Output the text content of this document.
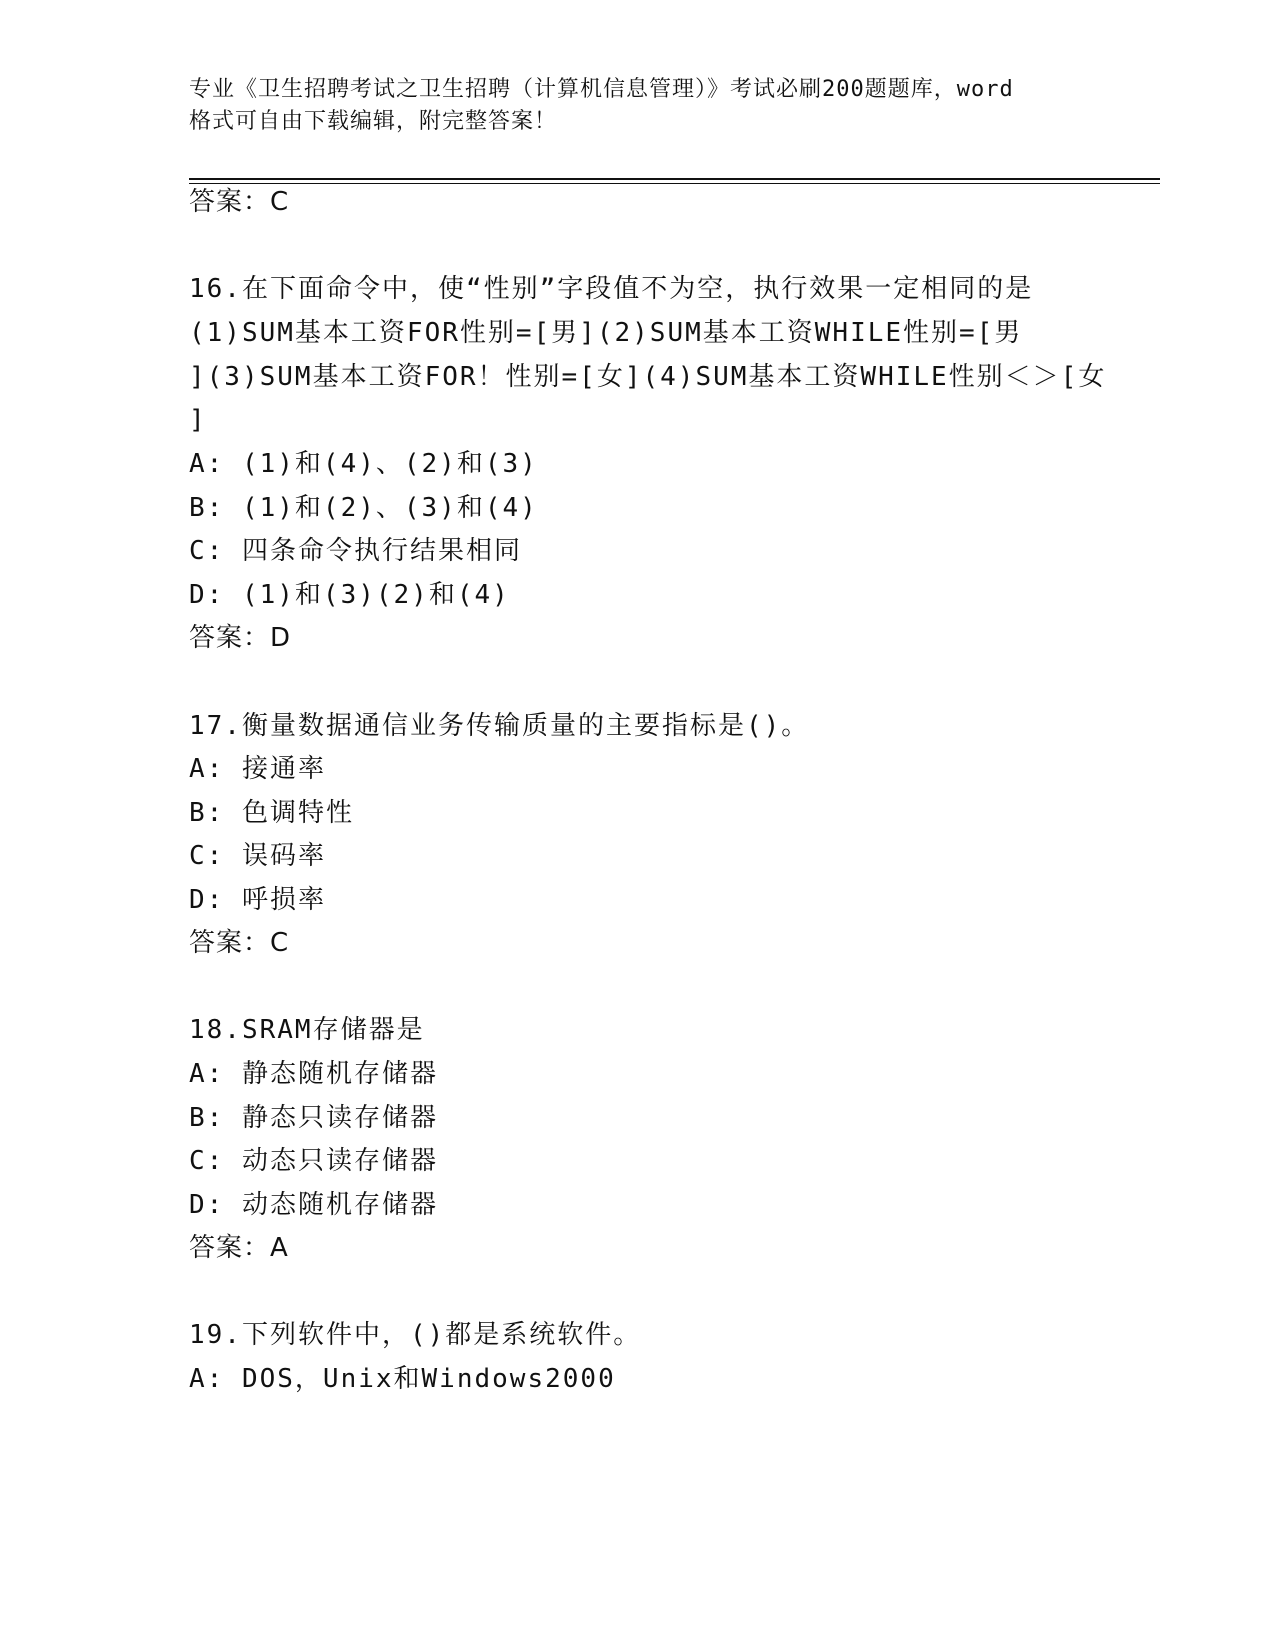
专业《卫生招聘考试之卫生招聘（计算机信息管理）》考试必刷200题题库，word
格式可自由下载编辑，附完整答案！
答案：C
16.在下面命令中，使“性别”字段值不为空，执行效果一定相同的是
(1)SUM基本工资FOR性别=[男](2)SUM基本工资WHILE性别=[男
](3)SUM基本工资FOR！性别=[女](4)SUM基本工资WHILE性别＜＞[女
]
A: (1)和(4)、(2)和(3)
B: (1)和(2)、(3)和(4)
C: 四条命令执行结果相同
D: (1)和(3)(2)和(4)
答案：D
17.衡量数据通信业务传输质量的主要指标是()。
A: 接通率
B: 色调特性
C: 误码率
D: 呼损率
答案：C
18.SRAM存储器是
A: 静态随机存储器
B: 静态只读存储器
C: 动态只读存储器
D: 动态随机存储器
答案：A
19.下列软件中，()都是系统软件。
A: DOS，Unix和Windows2000
